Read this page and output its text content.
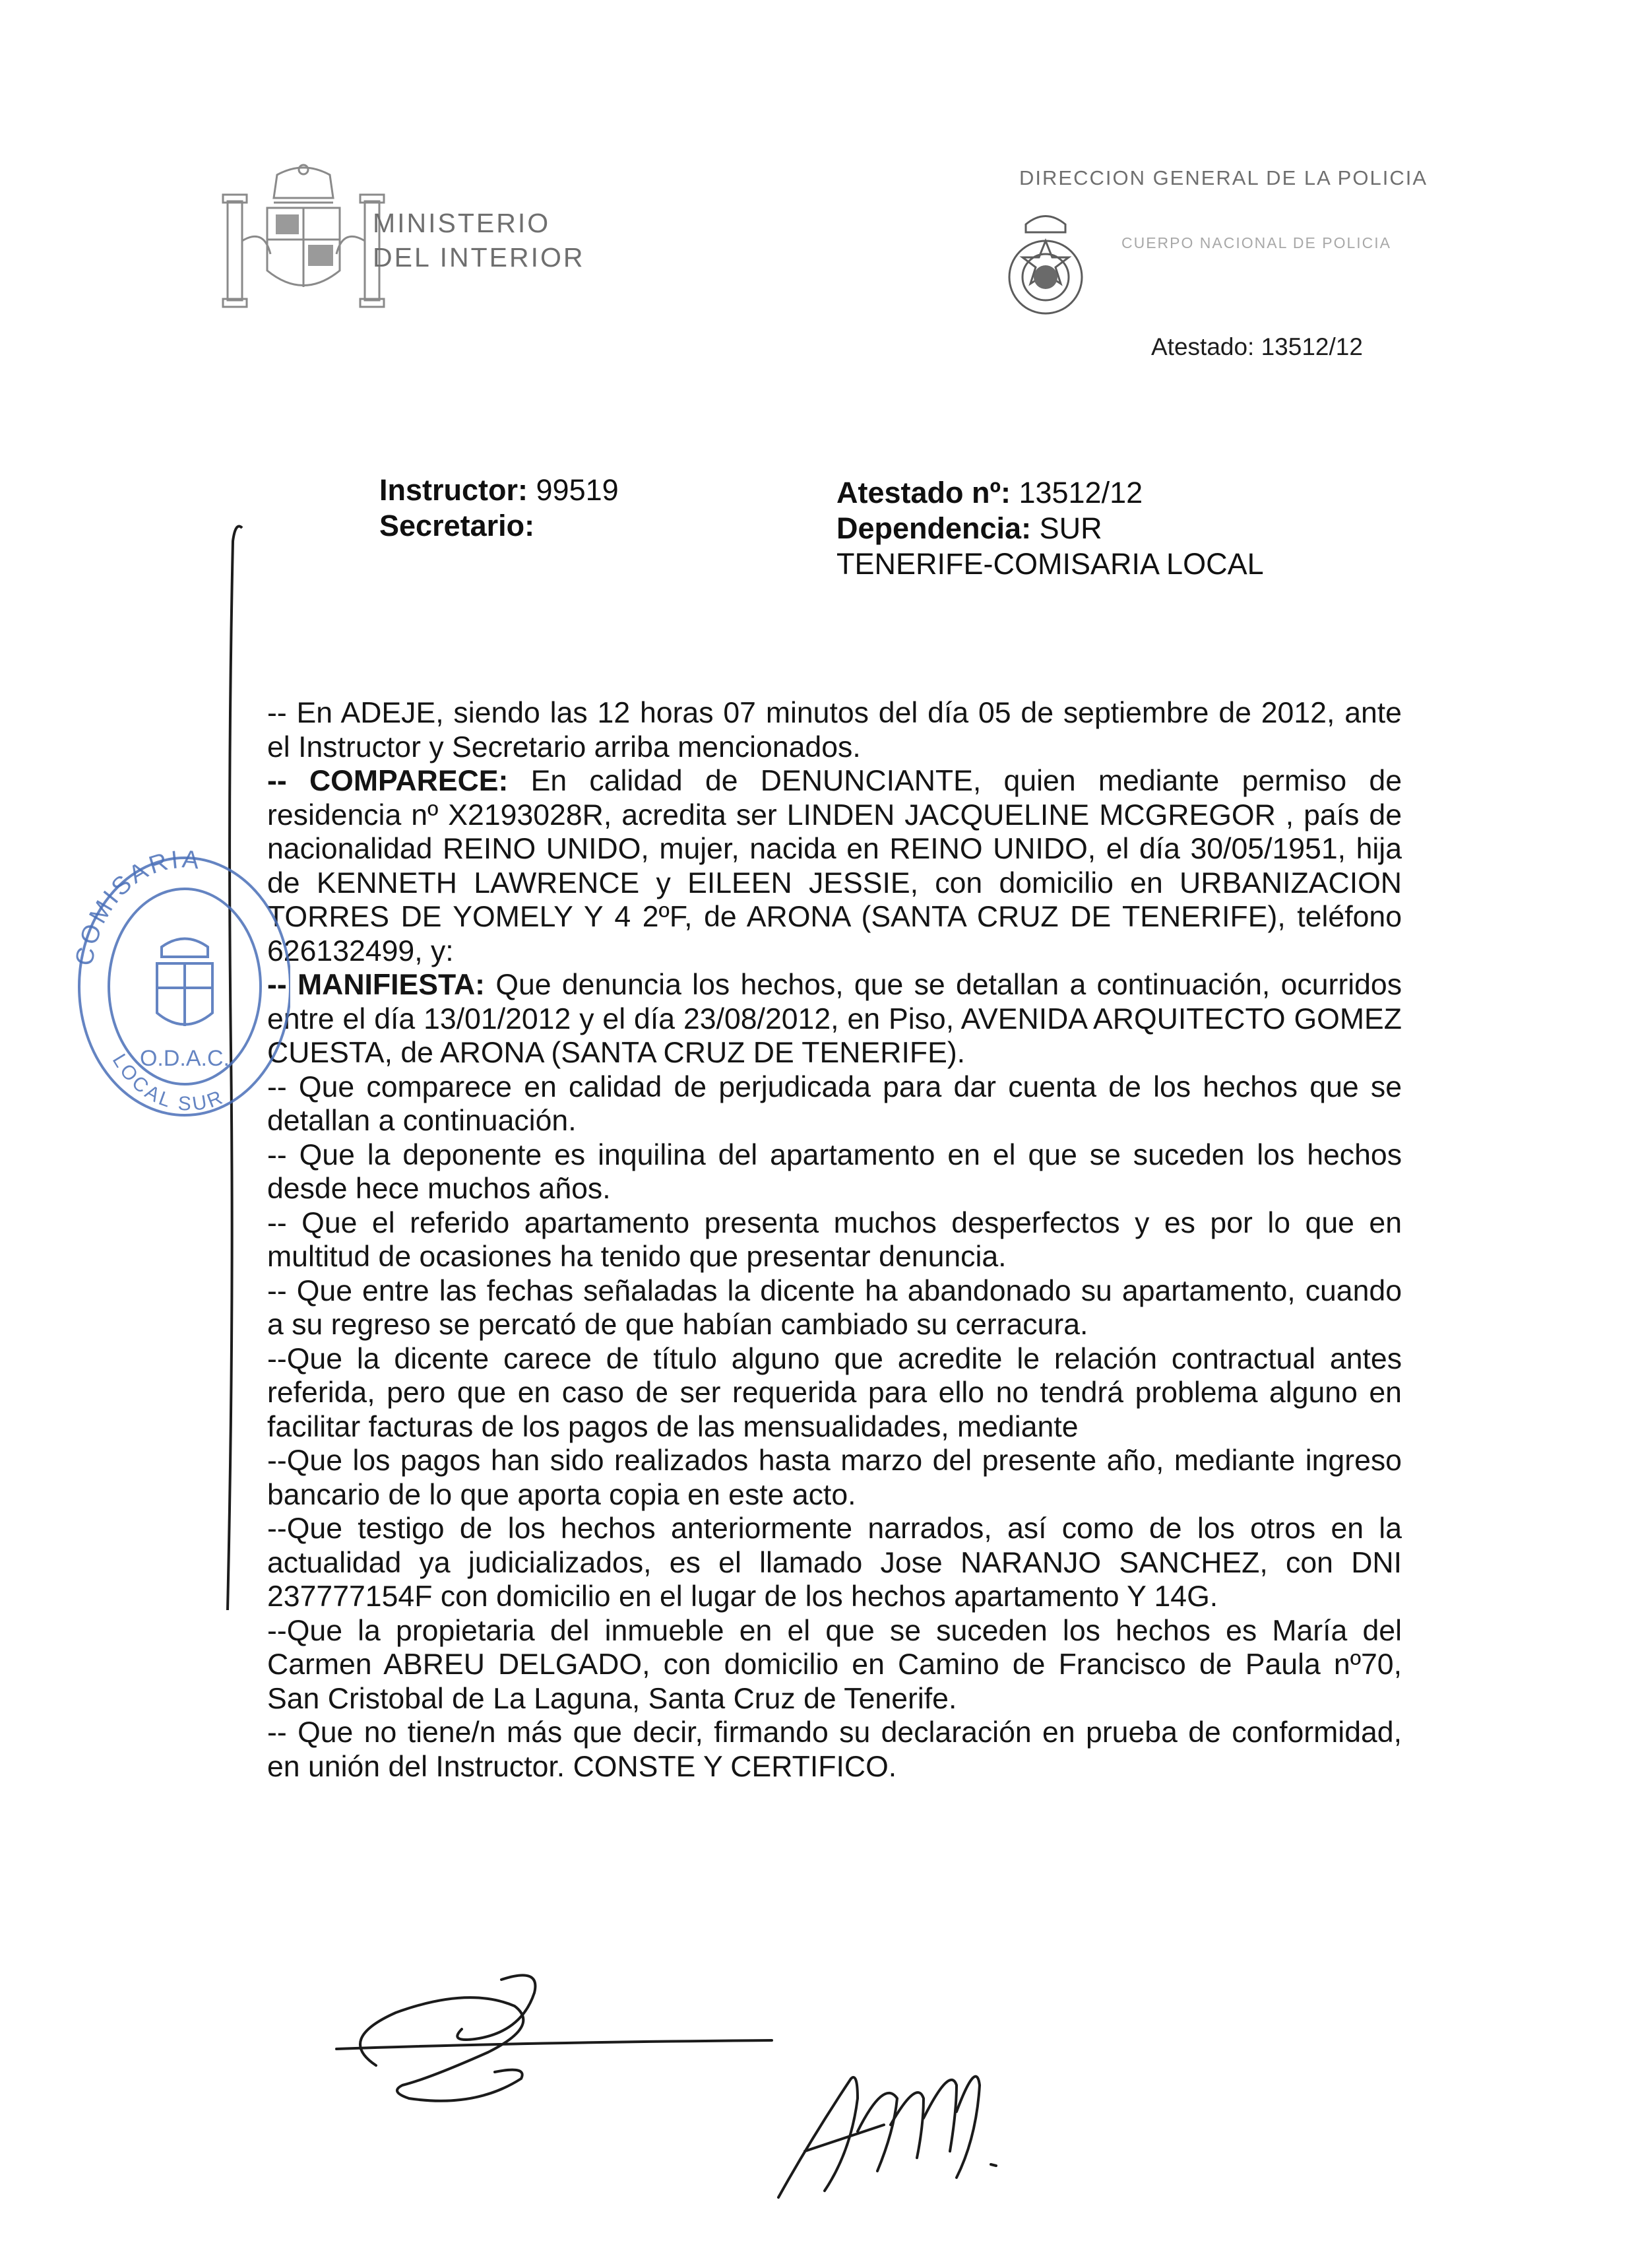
MINISTERIO
DEL INTERIOR
DIRECCION GENERAL DE LA POLICIA
CUERPO NACIONAL DE POLICIA
Atestado: 13512/12
Instructor: 99519
Secretario:
Atestado nº: 13512/12
Dependencia: SUR TENERIFE-COMISARIA LOCAL

-- En ADEJE, siendo las 12 horas 07 minutos del día 05 de septiembre de 2012, ante el Instructor y Secretario arriba mencionados.

-- COMPARECE: En calidad de DENUNCIANTE, quien mediante permiso de residencia nº X2193028R, acredita ser LINDEN JACQUELINE MCGREGOR , país de nacionalidad REINO UNIDO, mujer, nacida en REINO UNIDO, el día 30/05/1951, hija de KENNETH LAWRENCE y EILEEN JESSIE, con domicilio en URBANIZACION TORRES DE YOMELY Y 4 2ºF, de ARONA (SANTA CRUZ DE TENERIFE), teléfono 626132499, y:

-- MANIFIESTA: Que denuncia los hechos, que se detallan a continuación, ocurridos entre el día 13/01/2012 y el día 23/08/2012, en Piso, AVENIDA ARQUITECTO GOMEZ CUESTA, de ARONA (SANTA CRUZ DE TENERIFE).

-- Que comparece en calidad de perjudicada para dar cuenta de los hechos que se detallan a continuación.

-- Que la deponente es inquilina del apartamento en el que se suceden los hechos desde hece muchos años.

-- Que el referido apartamento presenta muchos desperfectos y es por lo que en multitud de ocasiones ha tenido que presentar denuncia.

-- Que entre las fechas señaladas la dicente ha abandonado su apartamento, cuando a su regreso se percató de que habían cambiado su cerracura.

--Que la dicente carece de título alguno que acredite le relación contractual antes referida, pero que en caso de ser requerida para ello no tendrá problema alguno en facilitar facturas de los pagos de las mensualidades, mediante

--Que los pagos han sido realizados hasta marzo del presente año, mediante ingreso bancario de lo que aporta copia en este acto.

--Que testigo de los hechos anteriormente narrados, así como de los otros en la actualidad ya judicializados, es el llamado Jose NARANJO SANCHEZ, con DNI 237777154F con domicilio en el lugar de los hechos apartamento Y 14G.

--Que la propietaria del inmueble en el que se suceden los hechos es María del Carmen ABREU DELGADO, con domicilio en Camino de Francisco de Paula nº70, San Cristobal de La Laguna, Santa Cruz de Tenerife.

-- Que no tiene/n más que decir, firmando su declaración en prueba de conformidad, en unión del Instructor. CONSTE Y CERTIFICO.

COMISARIA
LOCAL SUR
O.D.A.C.
